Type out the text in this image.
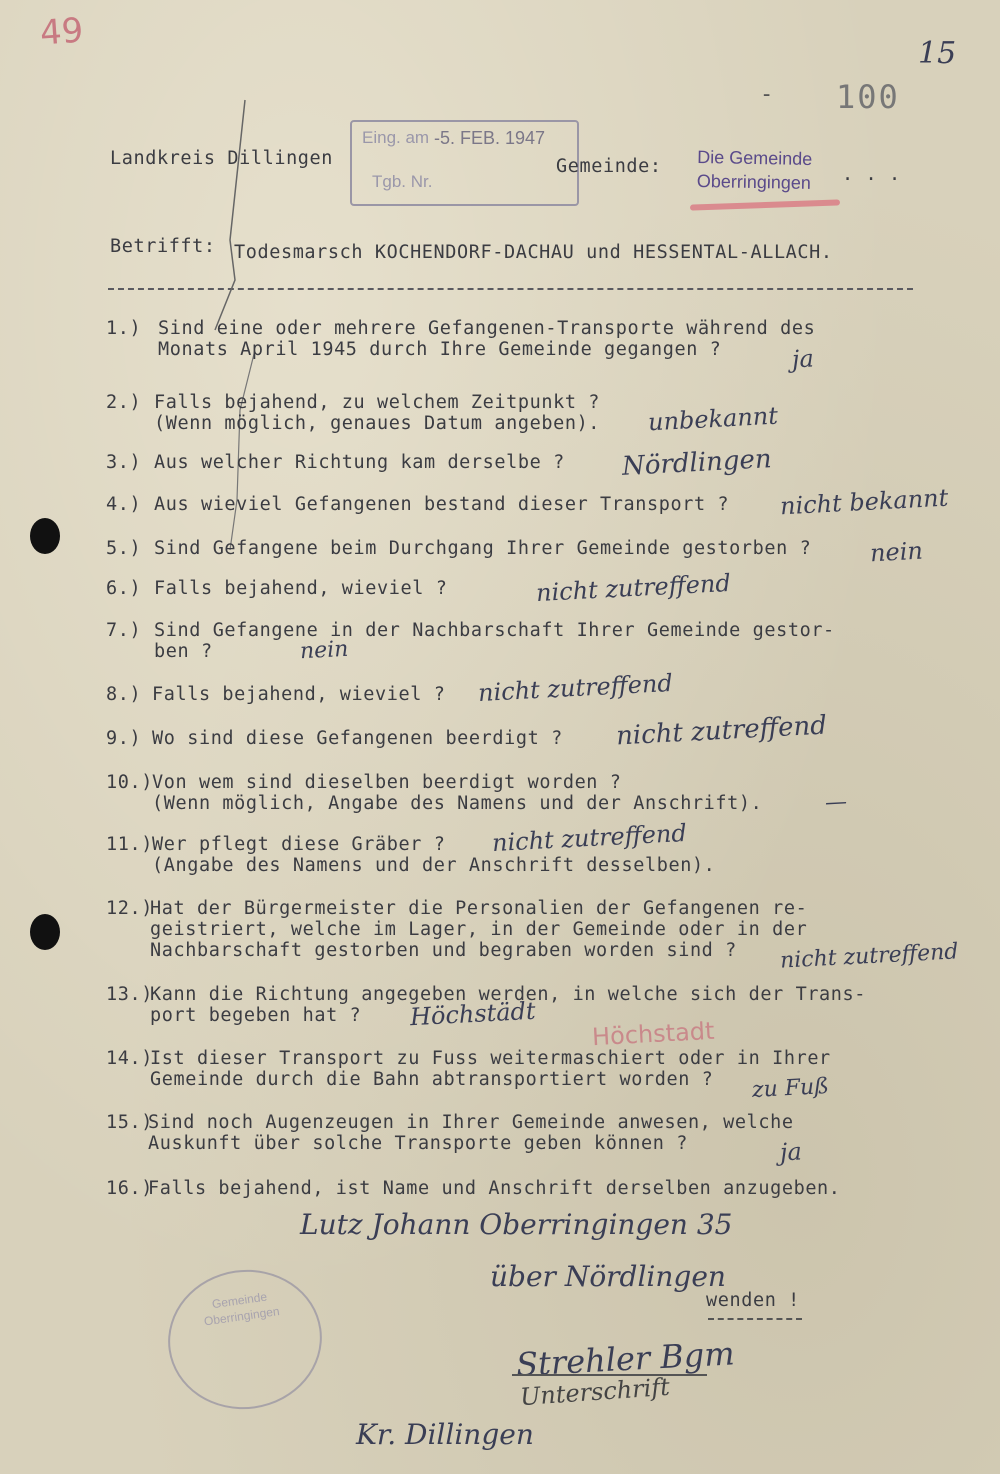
49
15
- 100
Landkreis Dillingen
Eing. am -5. FEB. 1947
Tgb. Nr.
Gemeinde: Die Gemeinde
Oberringingen . . .
Betrifft: Todesmarsch KOCHENDORF-DACHAU und HESSENTAL-ALLACH.
1.) Sind eine oder mehrere Gefangenen-Transporte während des
Monats April 1945 durch Ihre Gemeinde gegangen ?	ja
2.) Falls bejahend, zu welchem Zeitpunkt ?
(Wenn möglich, genaues Datum angeben). unbekannt
3.) Aus welcher Richtung kam derselbe ? Nördlingen
4.) Aus wieviel Gefangenen bestand dieser Transport ? nicht bekannt
5.) Sind Gefangene beim Durchgang Ihrer Gemeinde gestorben ? nein
6.) Falls bejahend, wieviel ?	nicht zutreffend
7.) Sind Gefangene in der Nachbarschaft Ihrer Gemeinde gestor-
ben ?	nein
8.) Falls bejahend, wieviel ? nicht zutreffend
9.) Wo sind diese Gefangenen beerdigt ? nicht zutreffend
10.) Von wem sind dieselben beerdigt worden ?
(Wenn möglich, Angabe des Namens und der Anschrift).	—
11.) Wer pflegt diese Gräber ?
(Angabe des Namens und der Anschrift desselben).
nicht zutreffend
12.)
Hat der Bürgermeister die Personalien der Gefangenen re-
geistriert, welche im Lager, in der Gemeinde oder in der
Nachbarschaft gestorben und begraben worden sind ? nicht zutreffend
13.)
Kann die Richtung angegeben werden, in welche sich der Trans-
port begeben hat ? Höchstädt
14.)
Ist dieser Transport zu Fuss weitermaschiert oder in Ihrer
Gemeinde durch die Bahn abtransportiert worden ? zu Fuß
15.)
Sind noch Augenzeugen in Ihrer Gemeinde anwesen, welche
Auskunft über solche Transporte geben können ?	ja
16.)
Falls bejahend, ist Name und Anschrift derselben anzugeben.
Höchstadt
Lutz Johann Oberringingen 35
über Nördlingen
wenden !
Gemeinde Oberringingen
Strehler Bgm
Unterschrift
Kr. Dillingen
